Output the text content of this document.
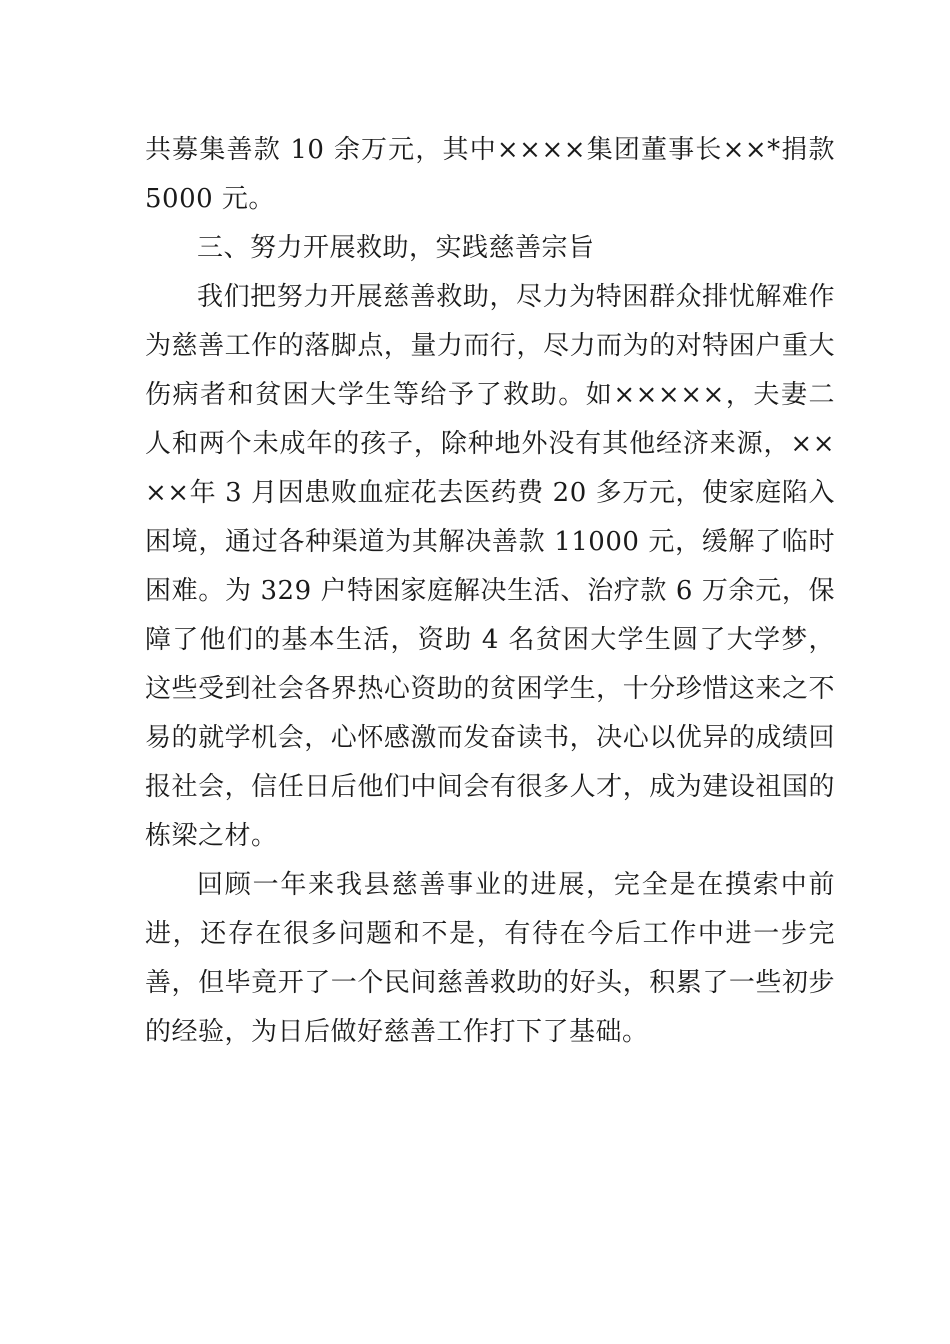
共募集善款 10 余万元，其中××××集团董事长××*捐款 5000 元。

三、努力开展救助，实践慈善宗旨

我们把努力开展慈善救助，尽力为特困群众排忧解难作为慈善工作的落脚点，量力而行，尽力而为的对特困户重大伤病者和贫困大学生等给予了救助。如×××××，夫妻二人和两个未成年的孩子，除种地外没有其他经济来源，××××年 3 月因患败血症花去医药费 20 多万元，使家庭陷入困境，通过各种渠道为其解决善款 11000 元，缓解了临时困难。为 329 户特困家庭解决生活、治疗款 6 万余元，保障了他们的基本生活，资助 4 名贫困大学生圆了大学梦，这些受到社会各界热心资助的贫困学生，十分珍惜这来之不易的就学机会，心怀感激而发奋读书，决心以优异的成绩回报社会，信任日后他们中间会有很多人才，成为建设祖国的栋梁之材。

回顾一年来我县慈善事业的进展，完全是在摸索中前进，还存在很多问题和不是，有待在今后工作中进一步完善，但毕竟开了一个民间慈善救助的好头，积累了一些初步的经验，为日后做好慈善工作打下了基础。
